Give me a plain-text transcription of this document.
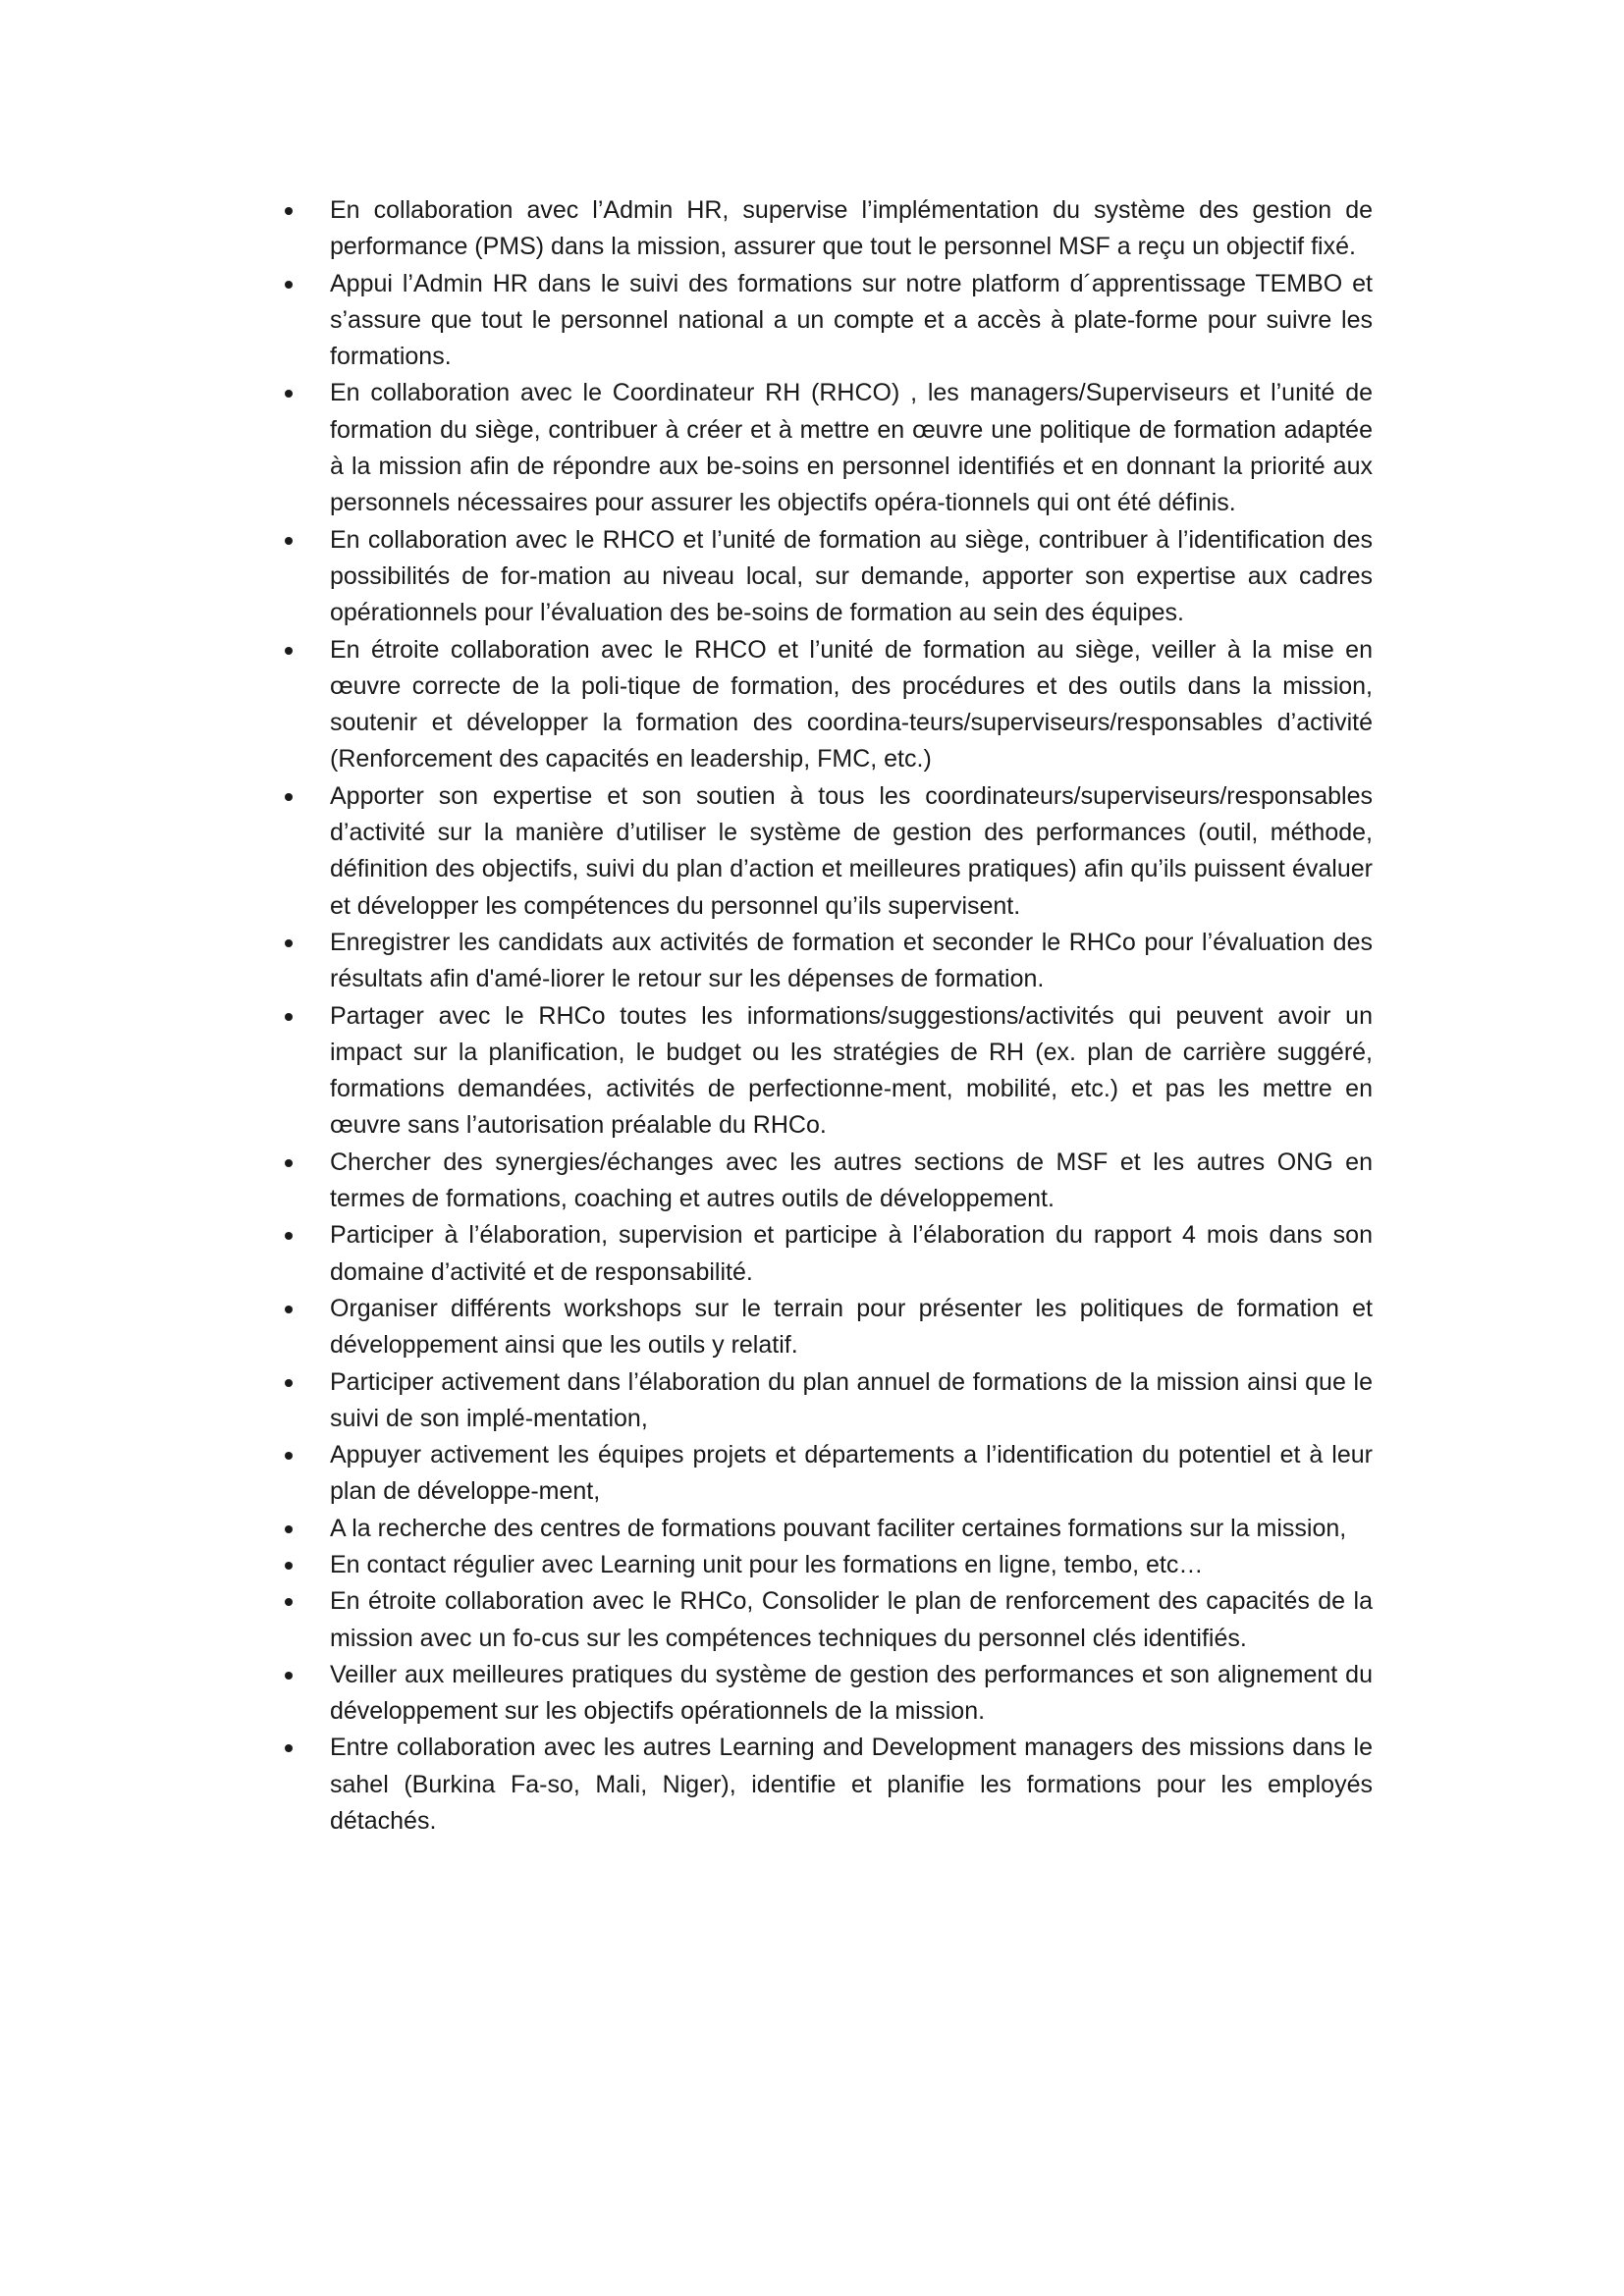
En collaboration avec l’Admin HR, supervise l’implémentation du système des gestion de performance (PMS) dans la mission, assurer que tout le personnel MSF a reçu un objectif fixé.
Appui l’Admin HR dans le suivi des formations sur notre platform d´apprentissage TEMBO et s’assure que tout le personnel national a un compte et a accès à plate-forme pour suivre les formations.
En collaboration avec le Coordinateur RH (RHCO) , les managers/Superviseurs et l’unité de formation du siège, contribuer à créer et à mettre en œuvre une politique de formation adaptée à la mission afin de répondre aux be-soins en personnel identifiés et en donnant la priorité aux personnels nécessaires pour assurer les objectifs opéra-tionnels qui ont été définis.
En collaboration avec le RHCO et l’unité de formation au siège, contribuer à l’identification des possibilités de for-mation au niveau local, sur demande, apporter son expertise aux cadres opérationnels pour l’évaluation des be-soins de formation au sein des équipes.
En étroite collaboration avec le RHCO et l’unité de formation au siège, veiller à la mise en œuvre correcte de la poli-tique de formation, des procédures et des outils dans la mission, soutenir et développer la formation des coordina-teurs/superviseurs/responsables d’activité (Renforcement des capacités en leadership, FMC, etc.)
Apporter son expertise et son soutien à tous les coordinateurs/superviseurs/responsables d’activité sur la manière d’utiliser le système de gestion des performances (outil, méthode, définition des objectifs, suivi du plan d’action et meilleures pratiques) afin qu’ils puissent évaluer et développer les compétences du personnel qu’ils supervisent.
Enregistrer les candidats aux activités de formation et seconder le RHCo pour l’évaluation des résultats afin d'amé-liorer le retour sur les dépenses de formation.
Partager avec le RHCo toutes les informations/suggestions/activités qui peuvent avoir un impact sur la planification, le budget ou les stratégies de RH (ex. plan de carrière suggéré, formations demandées, activités de perfectionne-ment, mobilité, etc.) et pas les mettre en œuvre sans l’autorisation préalable du RHCo.
Chercher des synergies/échanges avec les autres sections de MSF et les autres ONG en termes de formations, coaching et autres outils de développement.
Participer à l’élaboration, supervision et participe à l’élaboration du rapport 4 mois dans son domaine d’activité et de responsabilité.
Organiser différents workshops sur le terrain pour présenter les politiques de formation et développement ainsi que les outils y relatif.
Participer activement dans l’élaboration du plan annuel de formations de la mission ainsi que le suivi de son implé-mentation,
Appuyer activement les équipes projets et départements a l’identification du potentiel et à leur plan de développe-ment,
A la recherche des centres de formations pouvant faciliter certaines formations sur la mission,
En contact régulier avec Learning unit pour les formations en ligne, tembo, etc…
En étroite collaboration avec le RHCo, Consolider le plan de renforcement des capacités de la mission avec un fo-cus sur les compétences techniques du personnel clés identifiés.
Veiller aux meilleures pratiques du système de gestion des performances et son alignement du développement sur les objectifs opérationnels de la mission.
Entre collaboration avec les autres Learning and Development managers des missions dans le sahel (Burkina Fa-so, Mali, Niger), identifie et planifie les formations pour les employés détachés.
